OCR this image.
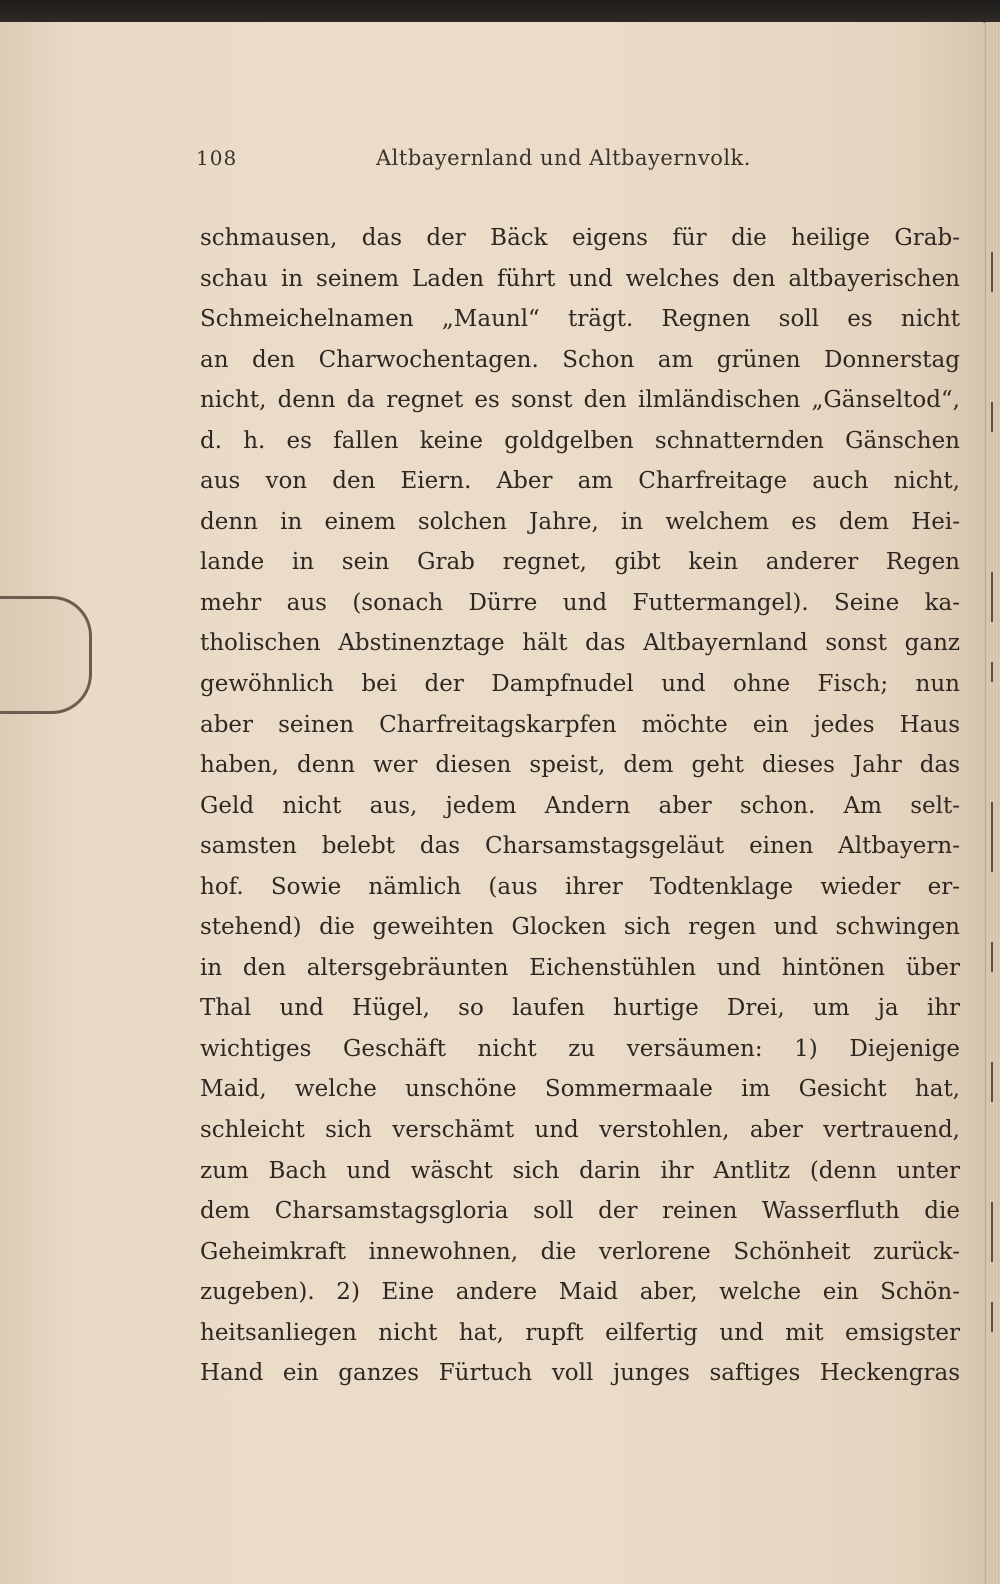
108	Altbayernland und Altbayernvolk.
schmausen, das der Bäck eigens für die heilige Grab-
schau in seinem Laden führt und welches den altbayerischen
Schmeichelnamen „Maunl“ trägt. Regnen soll es nicht
an den Charwochentagen. Schon am grünen Donnerstag
nicht, denn da regnet es sonst den ilmländischen „Gänseltod“,
d. h. es fallen keine goldgelben schnatternden Gänschen
aus von den Eiern. Aber am Charfreitage auch nicht,
denn in einem solchen Jahre, in welchem es dem Hei-
lande in sein Grab regnet, gibt kein anderer Regen
mehr aus (sonach Dürre und Futtermangel). Seine ka-
tholischen Abstinenztage hält das Altbayernland sonst ganz
gewöhnlich bei der Dampfnudel und ohne Fisch; nun
aber seinen Charfreitagskarpfen möchte ein jedes Haus
haben, denn wer diesen speist, dem geht dieses Jahr das
Geld nicht aus, jedem Andern aber schon. Am selt-
samsten belebt das Charsamstagsgeläut einen Altbayern-
hof. Sowie nämlich (aus ihrer Todtenklage wieder er-
stehend) die geweihten Glocken sich regen und schwingen
in den altersgebräunten Eichenstühlen und hintönen über
Thal und Hügel, so laufen hurtige Drei, um ja ihr
wichtiges Geschäft nicht zu versäumen: 1) Diejenige
Maid, welche unschöne Sommermaale im Gesicht hat,
schleicht sich verschämt und verstohlen, aber vertrauend,
zum Bach und wäscht sich darin ihr Antlitz (denn unter
dem Charsamstagsgloria soll der reinen Wasserfluth die
Geheimkraft innewohnen, die verlorene Schönheit zurück-
zugeben). 2) Eine andere Maid aber, welche ein Schön-
heitsanliegen nicht hat, rupft eilfertig und mit emsigster
Hand ein ganzes Fürtuch voll junges saftiges Heckengras
